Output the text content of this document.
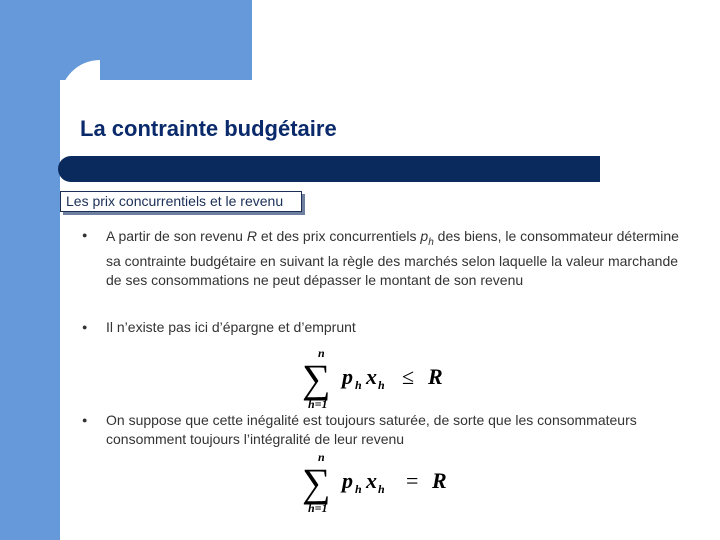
La contrainte budgétaire
Les prix concurrentiels et le revenu
● A partir de son revenu R et des prix concurrentiels $p_h$ des biens, le consommateur détermine sa contrainte budgétaire en suivant la règle des marchés selon laquelle la valeur marchande de ses consommations ne peut dépasser le montant de son revenu

● Il n’existe pas ici d’épargne et d’emprunt

n
∑
h=1
p h x h ≤ R
● On suppose que cette inégalité est toujours saturée, de sorte que les consommateurs consomment toujours l’intégralité de leur revenu

n
∑
h=1
p h x h = R
